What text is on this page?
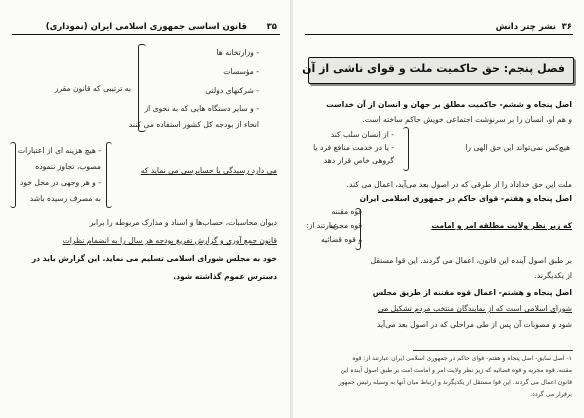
قانون اساسی جمهوری اسلامی ایران (نموداری) ۳۵
- وزارتخانه ها
- مؤسسات
- شرکتهای دولتی
- و سایر دستگاه هایی که به نحوی از
انحاء از بودجه کل کشور استفاده می کنند
به ترتیبی که قانون مقرر
- هیچ هزینه ای از اعتبارات
مصوب، تجاوز ننموده
- و هر وجهی در محل خود
به مصرف رسیده باشد
می دارد رسیدگی یا حسابرسی می نماید که
دیوان محاسبات، حساب‌ها و اسناد و مدارک مربوطه را برابر
قانون جمع آوری و گزارش تفریغ بودجه هر سال را به انضمام نظرات
خود به مجلس شورای اسلامی تسلیم می نماید. این گزارش باید در
دسترس عموم گذاشته شود.
۳۶
نشر چتر دانش
فصل پنجم: حق حاکمیت ملت و قوای ناشی از آن
اصل پنجاه و ششم- حاکمیت مطلق بر جهان و انسان از آن خداست
و هم او، انسان را بر سرنوشت اجتماعی خویش حاکم ساخته است.
- از انسان سلب کند
- یا در خدمت منافع فرد یا
گروهی خاص قرار دهد
هیچ‌کس نمی‌تواند این حق الهی را
ملت این حق خداداد را از طرقی که در اصول بعد می‌آید، اعمال می کند.
اصل پنجاه و هفتم- قوای حاکم در جمهوری اسلامی ایران
قوه مقننه
قوه مجریه
و قوه قضائیه
عبارتند از:	که زیر نظر ولایت مطلقه امر و امامت
بر طبق اصول آینده این قانون، اعمال می گردند. این قوا مستقل
از یکدیگرند.
اصل پنجاه و هشتم- اعمال قوه مقننه از طریق مجلس
شورای اسلامی است که از نمایندگان منتخب مردم تشکیل می
شود و مصوبات آن پس از طی مراحلی که در اصول بعد می‌آید
۱- اصل سابق- اصل پنجاه و هفتم- قوای حاکم در جمهوری اسلامی ایران عبارتند از: قوه
مقننه، قوه مجریه و قوه قضائیه که زیر نظر ولایت امر و امامت امت بر طبق اصول آینده این
قانون اعمال می گردند. این قوا مستقل از یکدیگرند و ارتباط میان آنها به وسیله رئیس جمهور
برقرار می گردد.
